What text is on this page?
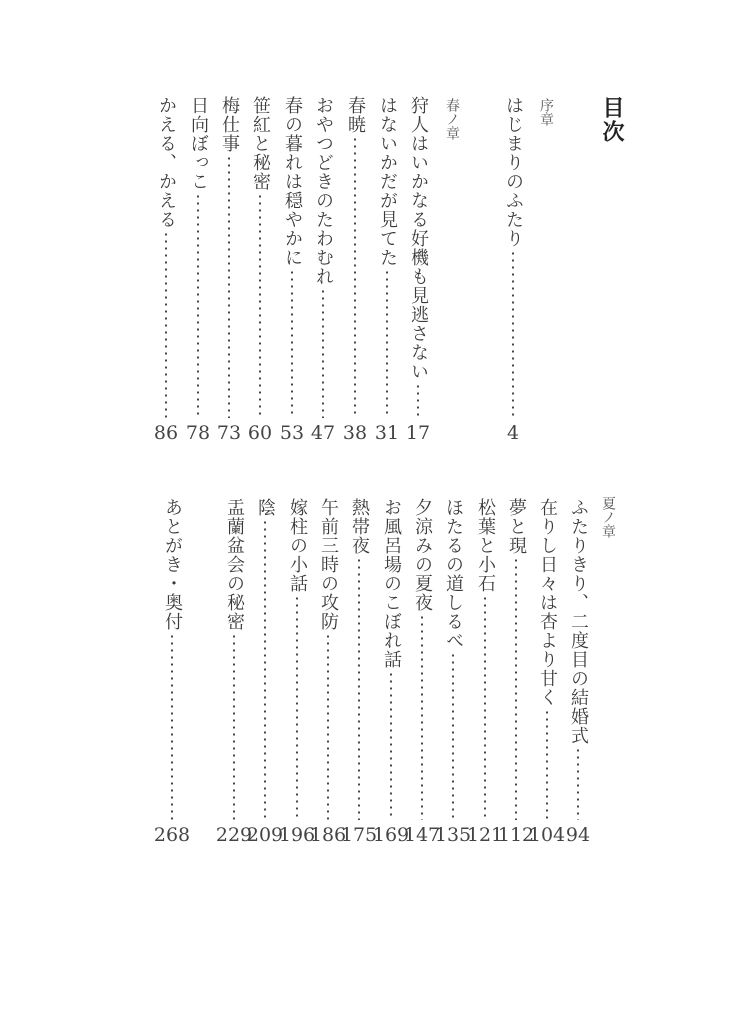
目次
序章
はじまりのふたり
4
春ノ章
狩人はいかなる好機も見逃さない
17
はないかだが見てた
31
春暁
38
おやつどきのたわむれ
47
春の暮れは穏やかに
53
笹紅と秘密
60
梅仕事
73
日向ぼっこ
78
かえる、かえる
86
夏ノ章
ふたりきり、二度目の結婚式
94
在りし日々は杏より甘く
104
夢と現
112
松葉と小石
121
ほたるの道しるべ
135
夕涼みの夏夜
147
お風呂場のこぼれ話
169
熱帯夜
175
午前三時の攻防
186
嫁柱の小話
196
陰
209
盂蘭盆会の秘密
229
あとがき・奥付
268
